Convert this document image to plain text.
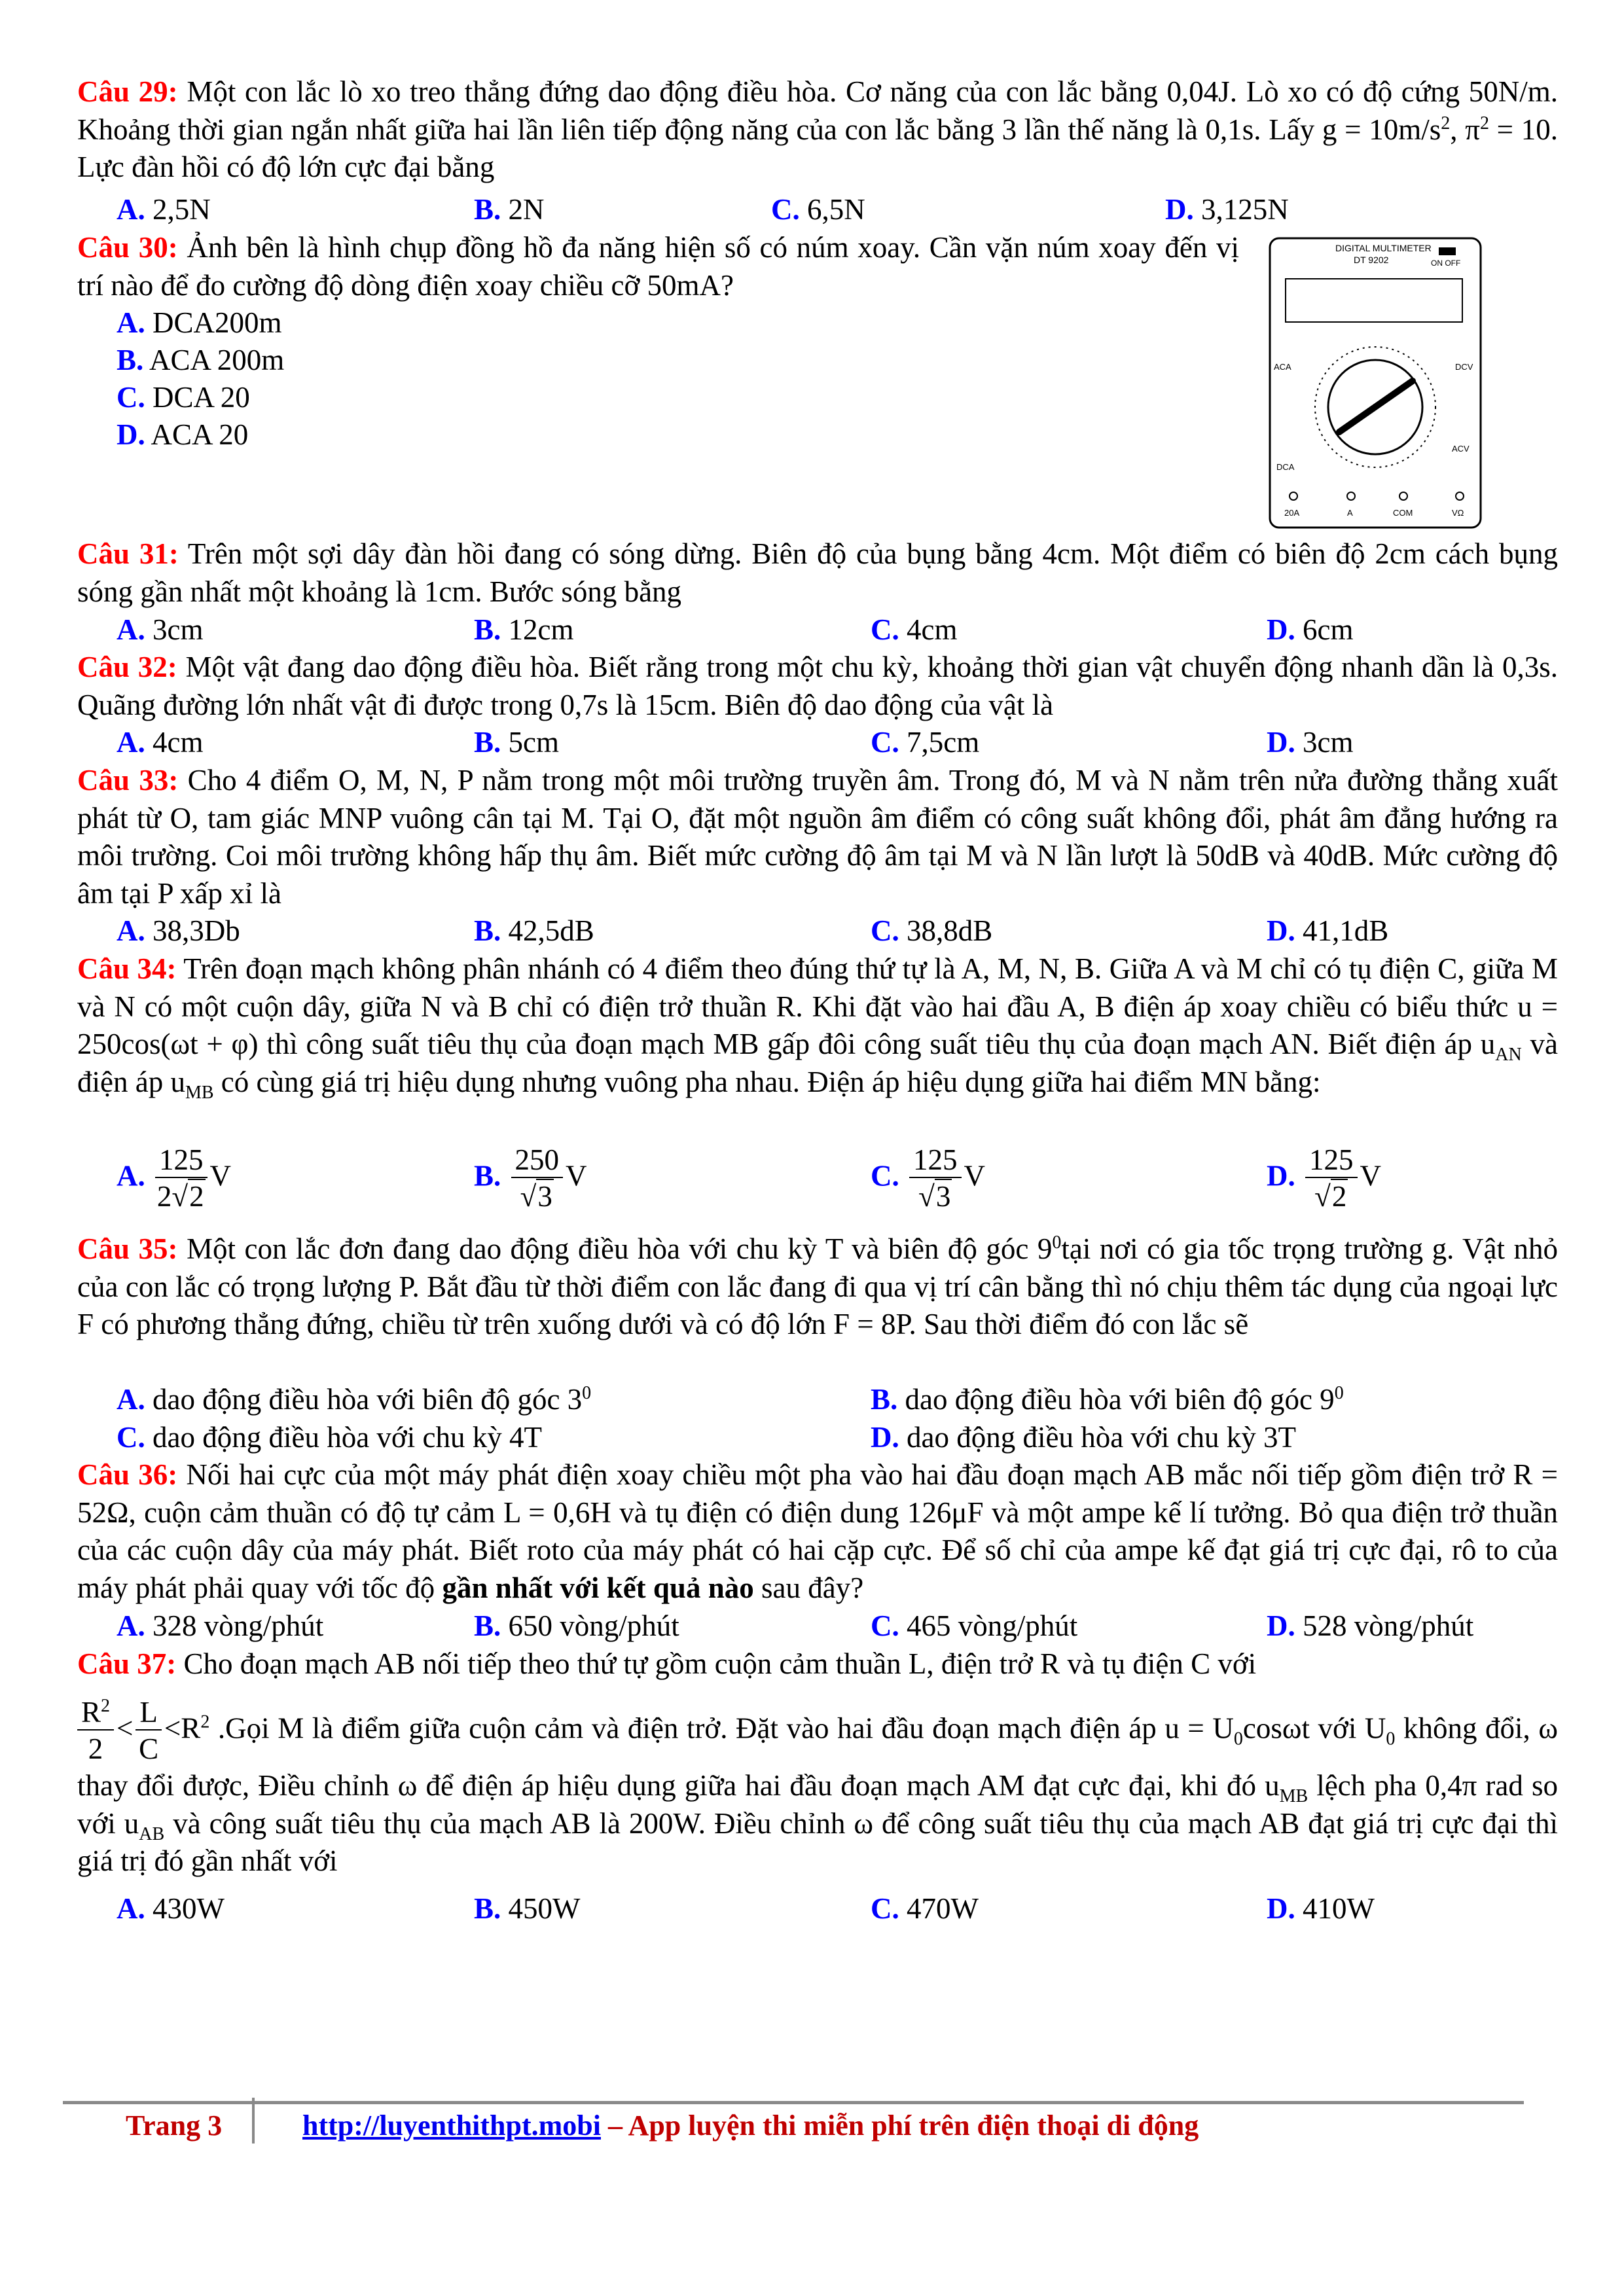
Câu 29: Một con lắc lò xo treo thẳng đứng dao động điều hòa. Cơ năng của con lắc bằng 0,04J. Lò xo có độ cứng 50N/m. Khoảng thời gian ngắn nhất giữa hai lần liên tiếp động năng của con lắc bằng 3 lần thế năng là 0,1s. Lấy $g = 10m/s^2$, $\pi^2 = 10$. Lực đàn hồi có độ lớn cực đại bằng

A. 2,5N	B. 2N	C. 6,5N	D. 3,125N

Câu 30: Ảnh bên là hình chụp đồng hồ đa năng hiện số có núm xoay. Cần vặn núm xoay đến vị trí nào để đo cường độ dòng điện xoay chiều cỡ 50mA?

A. DCA200m
B. ACA 200m
C. DCA 20
D. ACA 20
DIGITAL MULTIMETER
DT 9202	ON OFF
DCV
ACV
ACA
DCA
20A	A	COM	VΩ

Câu 31: Trên một sợi dây đàn hồi đang có sóng dừng. Biên độ của bụng bằng 4cm. Một điểm có biên độ 2cm cách bụng sóng gần nhất một khoảng là 1cm. Bước sóng bằng

A. 3cm	B. 12cm	C. 4cm	D. 6cm

Câu 32: Một vật đang dao động điều hòa. Biết rằng trong một chu kỳ, khoảng thời gian vật chuyển động nhanh dần là 0,3s. Quãng đường lớn nhất vật đi được trong 0,7s là 15cm. Biên độ dao động của vật là

A. 4cm	B. 5cm	C. 7,5cm	D. 3cm

Câu 33: Cho 4 điểm O, M, N, P nằm trong một môi trường truyền âm. Trong đó, M và N nằm trên nửa đường thẳng xuất phát từ O, tam giác MNP vuông cân tại M. Tại O, đặt một nguồn âm điểm có công suất không đổi, phát âm đẳng hướng ra môi trường. Coi môi trường không hấp thụ âm. Biết mức cường độ âm tại M và N lần lượt là 50dB và 40dB. Mức cường độ âm tại P xấp xỉ là

A. 38,3Db	B. 42,5dB	C. 38,8dB	D. 41,1dB

Câu 34: Trên đoạn mạch không phân nhánh có 4 điểm theo đúng thứ tự là A, M, N, B. Giữa A và M chỉ có tụ điện C, giữa M và N có một cuộn dây, giữa N và B chỉ có điện trở thuần R. Khi đặt vào hai đầu A, B điện áp xoay chiều có biểu thức u = 250cos(ωt + φ) thì công suất tiêu thụ của đoạn mạch MB gấp đôi công suất tiêu thụ của đoạn mạch AN. Biết điện áp $u_{AN}$ và điện áp $u_{MB}$ có cùng giá trị hiệu dụng nhưng vuông pha nhau. Điện áp hiệu dụng giữa hai điểm MN bằng:

A. $\frac{125}{2√2}$ V	B. $\frac{250}{√3}$ V	C. $\frac{125}{√3}$ V	D. $\frac{125}{√2}$ V

Câu 35: Một con lắc đơn đang dao động điều hòa với chu kỳ T và biên độ góc $9^0tại$ nơi có gia tốc trọng trường g. Vật nhỏ của con lắc có trọng lượng P. Bắt đầu từ thời điểm con lắc đang đi qua vị trí cân bằng thì nó chịu thêm tác dụng của ngoại lực F có phương thẳng đứng, chiều từ trên xuống dưới và có độ lớn F = 8P. Sau thời điểm đó con lắc sẽ

A. dao động điều hòa với biên độ góc $3^0$	B. dao động điều hòa với biên độ góc $9^0$
C. dao động điều hòa với chu kỳ 4T	D. dao động điều hòa với chu kỳ 3T

Câu 36: Nối hai cực của một máy phát điện xoay chiều một pha vào hai đầu đoạn mạch AB mắc nối tiếp gồm điện trở R = 52Ω, cuộn cảm thuần có độ tự cảm L = 0,6H và tụ điện có điện dung 126μF và một ampe kế lí tưởng. Bỏ qua điện trở thuần của các cuộn dây của máy phát. Biết roto của máy phát có hai cặp cực. Để số chỉ của ampe kế đạt giá trị cực đại, rô to của máy phát phải quay với tốc độ gần nhất với kết quả nào sau đây?

A. 328 vòng/phút	B. 650 vòng/phút	C. 465 vòng/phút	D. 528 vòng/phút

Câu 37: Cho đoạn mạch AB nối tiếp theo thứ tự gồm cuộn cảm thuần L, điện trở R và tụ điện C với

$\frac{R^2}{2} < \frac{L}{C} <R^2$ .Gọi M là điểm giữa cuộn cảm và điện trở. Đặt vào hai đầu đoạn mạch điện áp $u = U_0\cos\omega t$ với $U_0$ không đổi, ω thay đổi được, Điều chỉnh ω để điện áp hiệu dụng giữa hai đầu đoạn mạch AM đạt cực đại, khi đó $u_{MB}$ lệch pha 0,4π rad so với $u_{AB}$ và công suất tiêu thụ của mạch AB là 200W. Điều chỉnh ω để công suất tiêu thụ của mạch AB đạt giá trị cực đại thì giá trị đó gần nhất với

A. 430W	B. 450W	C. 470W	D. 410W
Trang 3	http://luyenthithpt.mobi – App luyện thi miễn phí trên điện thoại di động
